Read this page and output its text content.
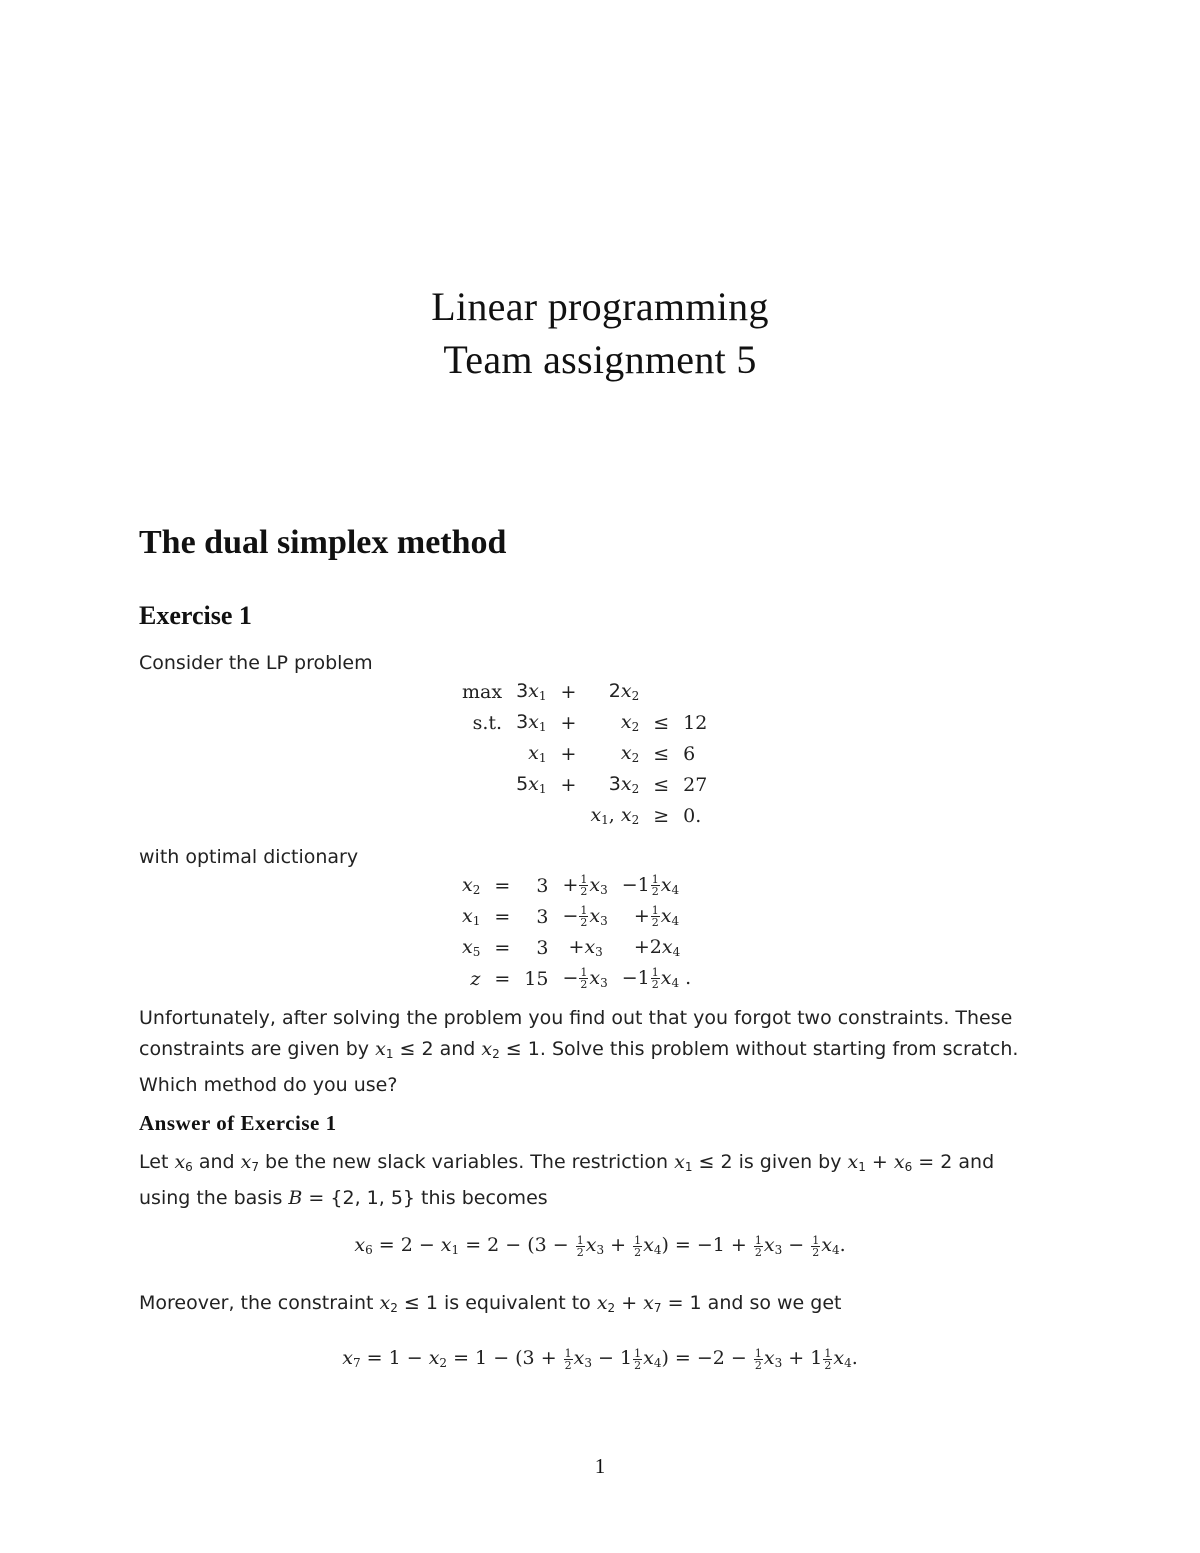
Linear programming
Team assignment 5
The dual simplex method
Exercise 1
Consider the LP problem
max	$3x_1$	+	$2x_2$		
s.t.	$3x_1$	+	$x_2$	≤	12
	$x_1$	+	$x_2$	≤	6
	$5x_1$	+	$3x_2$	≤	27
			$x_1$, $x_2$	≥	0.
with optimal dictionary
$x_2$	=	3	+ $\frac{1}{2} x_3$	$-1 \frac{1}{2} x_4$
$x_1$	=	3	− $\frac{1}{2} x_3$	+ $\frac{1}{2} x_4$
$x_5$	=	3	$+x_3$	$+2x_4$
z	=	15	− $\frac{1}{2} x_3$	$-1 \frac{1}{2} x_4$ .
Unfortunately, after solving the problem you find out that you forgot two constraints. These
constraints are given by $x_1 \le 2$ and $x_2 \le 1$. Solve this problem without starting from scratch.
Which method do you use?
Answer of Exercise 1
Let $x_6$ and $x_7$ be the new slack variables. The restriction $x_1 \le 2$ is given by $x_1 + x_6 = 2$ and
using the basis B = {2, 1, 5} this becomes
$x_6 = 2 - x_1 = 2 - (3 - \frac{1}{2} x_3 + \frac{1}{2} x_4) = -1 + \frac{1}{2} x_3 - \frac{1}{2} x_4$.
Moreover, the constraint $x_2 \le 1$ is equivalent to $x_2 + x_7 = 1$ and so we get
$x_7 = 1 - x_2 = 1 - (3 + \frac{1}{2} x_3 - 1 \frac{1}{2} x_4) = -2 - \frac{1}{2} x_3 + 1 \frac{1}{2} x_4$.
1
